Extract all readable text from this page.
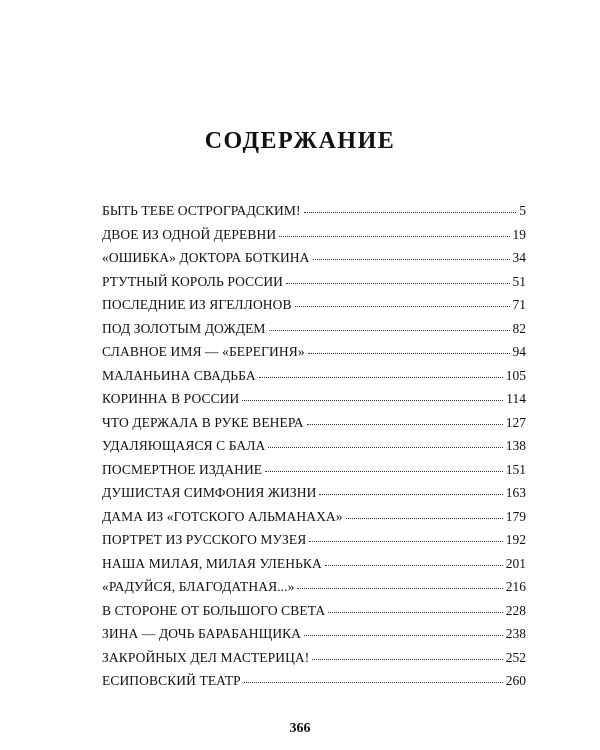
СОДЕРЖАНИЕ
БЫТЬ ТЕБЕ ОСТРОГРАДСКИМ!	5
ДВОЕ ИЗ ОДНОЙ ДЕРЕВНИ	19
«ОШИБКА» ДОКТОРА БОТКИНА	34
РТУТНЫЙ КОРОЛЬ РОССИИ	51
ПОСЛЕДНИЕ ИЗ ЯГЕЛЛОНОВ	71
ПОД ЗОЛОТЫМ ДОЖДЕМ	82
СЛАВНОЕ ИМЯ — «БЕРЕГИНЯ»	94
МАЛАНЬИНА СВАДЬБА	105
КОРИННА В РОССИИ	114
ЧТО ДЕРЖАЛА В РУКЕ ВЕНЕРА	127
УДАЛЯЮЩАЯСЯ С БАЛА	138
ПОСМЕРТНОЕ ИЗДАНИЕ	151
ДУШИСТАЯ СИМФОНИЯ ЖИЗНИ	163
ДАМА ИЗ «ГОТСКОГО АЛЬМАНАХА»	179
ПОРТРЕТ ИЗ РУССКОГО МУЗЕЯ	192
НАША МИЛАЯ, МИЛАЯ УЛЕНЬКА	201
«РАДУЙСЯ, БЛАГОДАТНАЯ...»	216
В СТОРОНЕ ОТ БОЛЬШОГО СВЕТА	228
ЗИНА — ДОЧЬ БАРАБАНЩИКА	238
ЗАКРОЙНЫХ ДЕЛ МАСТЕРИЦА!	252
ЕСИПОВСКИЙ ТЕАТР	260
366
